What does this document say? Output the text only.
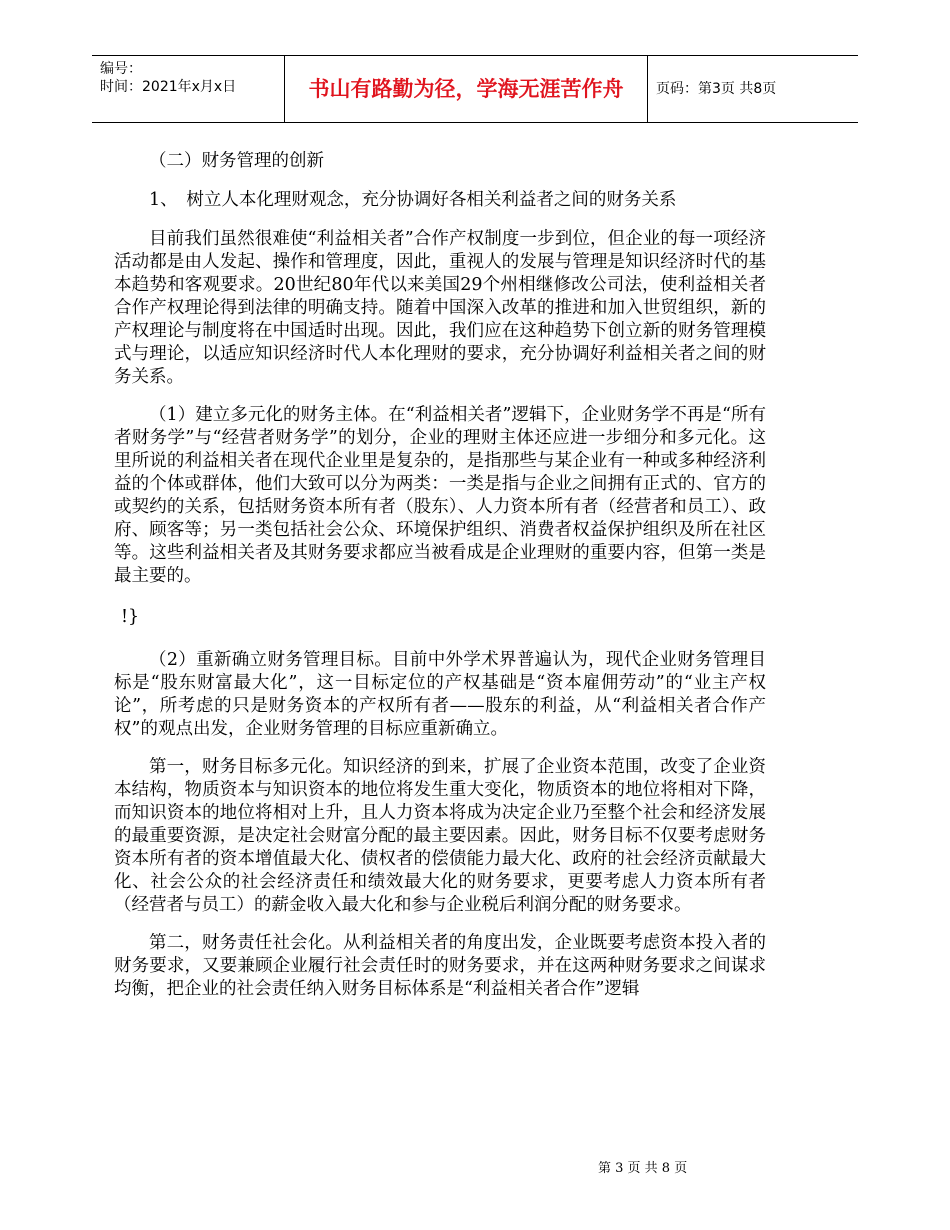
编号：
时间：2021年x月x日	书山有路勤为径，学海无涯苦作舟	页码：第3页 共8页

（二）财务管理的创新

1、　树立人本化理财观念，充分协调好各相关利益者之间的财务关系

目前我们虽然很难使“利益相关者”合作产权制度一步到位，但企业的每一项经济活动都是由人发起、操作和管理度，因此，重视人的发展与管理是知识经济时代的基本趋势和客观要求。20世纪80年代以来美国29个州相继修改公司法，使利益相关者合作产权理论得到法律的明确支持。随着中国深入改革的推进和加入世贸组织，新的产权理论与制度将在中国适时出现。因此，我们应在这种趋势下创立新的财务管理模式与理论，以适应知识经济时代人本化理财的要求，充分协调好利益相关者之间的财务关系。

（1）建立多元化的财务主体。在“利益相关者”逻辑下，企业财务学不再是“所有者财务学”与“经营者财务学”的划分，企业的理财主体还应进一步细分和多元化。这里所说的利益相关者在现代企业里是复杂的，是指那些与某企业有一种或多种经济利益的个体或群体，他们大致可以分为两类：一类是指与企业之间拥有正式的、官方的或契约的关系，包括财务资本所有者（股东）、人力资本所有者（经营者和员工）、政府、顾客等；另一类包括社会公众、环境保护组织、消费者权益保护组织及所在社区等。这些利益相关者及其财务要求都应当被看成是企业理财的重要内容，但第一类是最主要的。

!}

（2）重新确立财务管理目标。目前中外学术界普遍认为，现代企业财务管理目标是“股东财富最大化”，这一目标定位的产权基础是“资本雇佣劳动”的“业主产权论”，所考虑的只是财务资本的产权所有者——股东的利益，从“利益相关者合作产权”的观点出发，企业财务管理的目标应重新确立。

第一，财务目标多元化。知识经济的到来，扩展了企业资本范围，改变了企业资本结构，物质资本与知识资本的地位将发生重大变化，物质资本的地位将相对下降，而知识资本的地位将相对上升，且人力资本将成为决定企业乃至整个社会和经济发展的最重要资源，是决定社会财富分配的最主要因素。因此，财务目标不仅要考虑财务资本所有者的资本增值最大化、债权者的偿债能力最大化、政府的社会经济贡献最大化、社会公众的社会经济责任和绩效最大化的财务要求，更要考虑人力资本所有者（经营者与员工）的薪金收入最大化和参与企业税后利润分配的财务要求。

第二，财务责任社会化。从利益相关者的角度出发，企业既要考虑资本投入者的财务要求，又要兼顾企业履行社会责任时的财务要求，并在这两种财务要求之间谋求均衡，把企业的社会责任纳入财务目标体系是“利益相关者合作”逻辑

第 3 页 共 8 页
